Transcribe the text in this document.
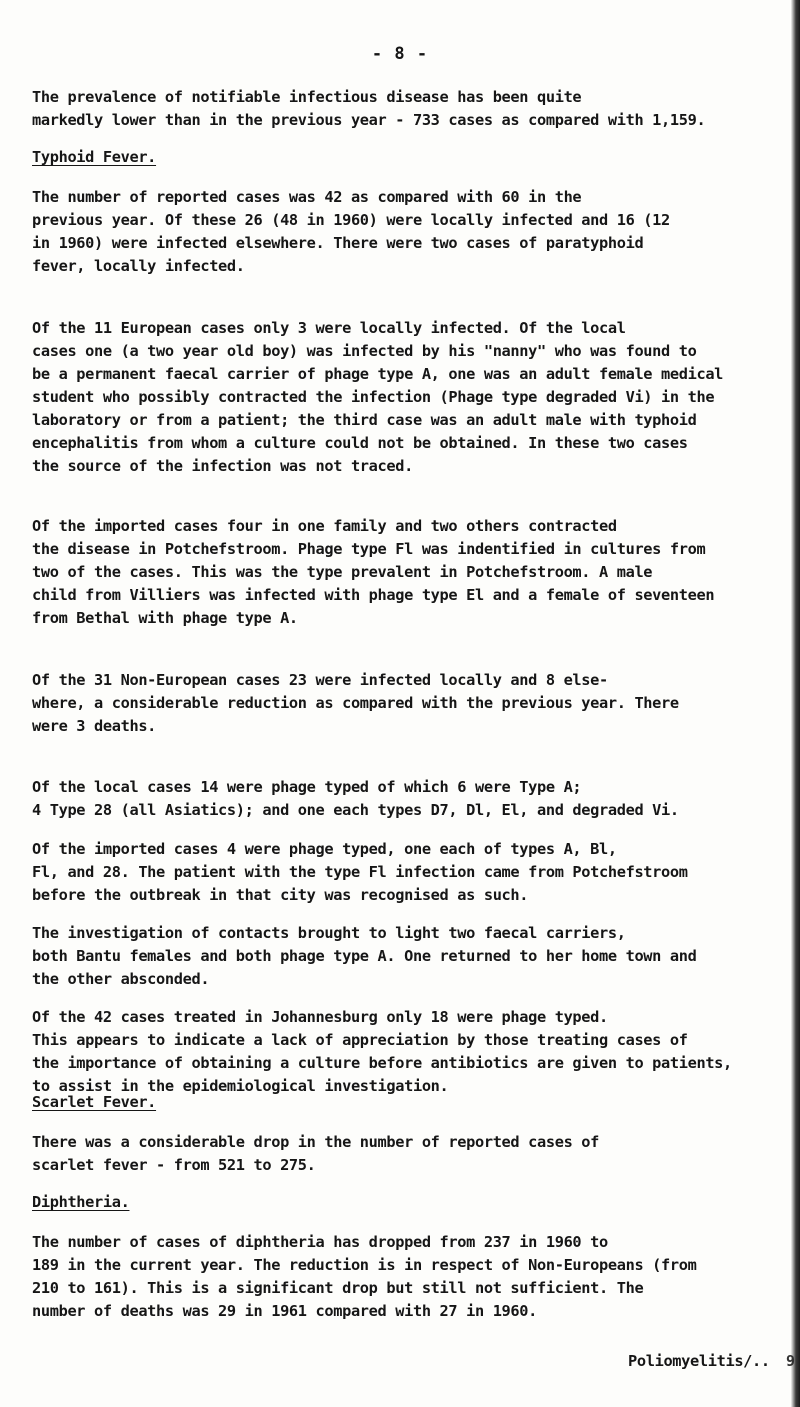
- 8 -
The prevalence of notifiable infectious disease has been quite
markedly lower than in the previous year - 733 cases as compared with 1,159.
Typhoid Fever.
The number of reported cases was 42 as compared with 60 in the
previous year. Of these 26 (48 in 1960) were locally infected and 16 (12
in 1960) were infected elsewhere. There were two cases of paratyphoid
fever, locally infected.
Of the 11 European cases only 3 were locally infected. Of the local
cases one (a two year old boy) was infected by his "nanny" who was found to
be a permanent faecal carrier of phage type A, one was an adult female medical
student who possibly contracted the infection (Phage type degraded Vi) in the
laboratory or from a patient; the third case was an adult male with typhoid
encephalitis from whom a culture could not be obtained. In these two cases
the source of the infection was not traced.
Of the imported cases four in one family and two others contracted
the disease in Potchefstroom. Phage type Fl was indentified in cultures from
two of the cases. This was the type prevalent in Potchefstroom. A male
child from Villiers was infected with phage type El and a female of seventeen
from Bethal with phage type A.
Of the 31 Non-European cases 23 were infected locally and 8 else-
where, a considerable reduction as compared with the previous year. There
were 3 deaths.
Of the local cases 14 were phage typed of which 6 were Type A;
4 Type 28 (all Asiatics); and one each types D7, Dl, El, and degraded Vi.
Of the imported cases 4 were phage typed, one each of types A, Bl,
Fl, and 28. The patient with the type Fl infection came from Potchefstroom
before the outbreak in that city was recognised as such.
The investigation of contacts brought to light two faecal carriers,
both Bantu females and both phage type A. One returned to her home town and
the other absconded.
Of the 42 cases treated in Johannesburg only 18 were phage typed.
This appears to indicate a lack of appreciation by those treating cases of
the importance of obtaining a culture before antibiotics are given to patients,
to assist in the epidemiological investigation.
Scarlet Fever.
There was a considerable drop in the number of reported cases of
scarlet fever - from 521 to 275.
Diphtheria.
The number of cases of diphtheria has dropped from 237 in 1960 to
189 in the current year. The reduction is in respect of Non-Europeans (from
210 to 161). This is a significant drop but still not sufficient. The
number of deaths was 29 in 1961 compared with 27 in 1960.
Poliomyelitis/.. 9
